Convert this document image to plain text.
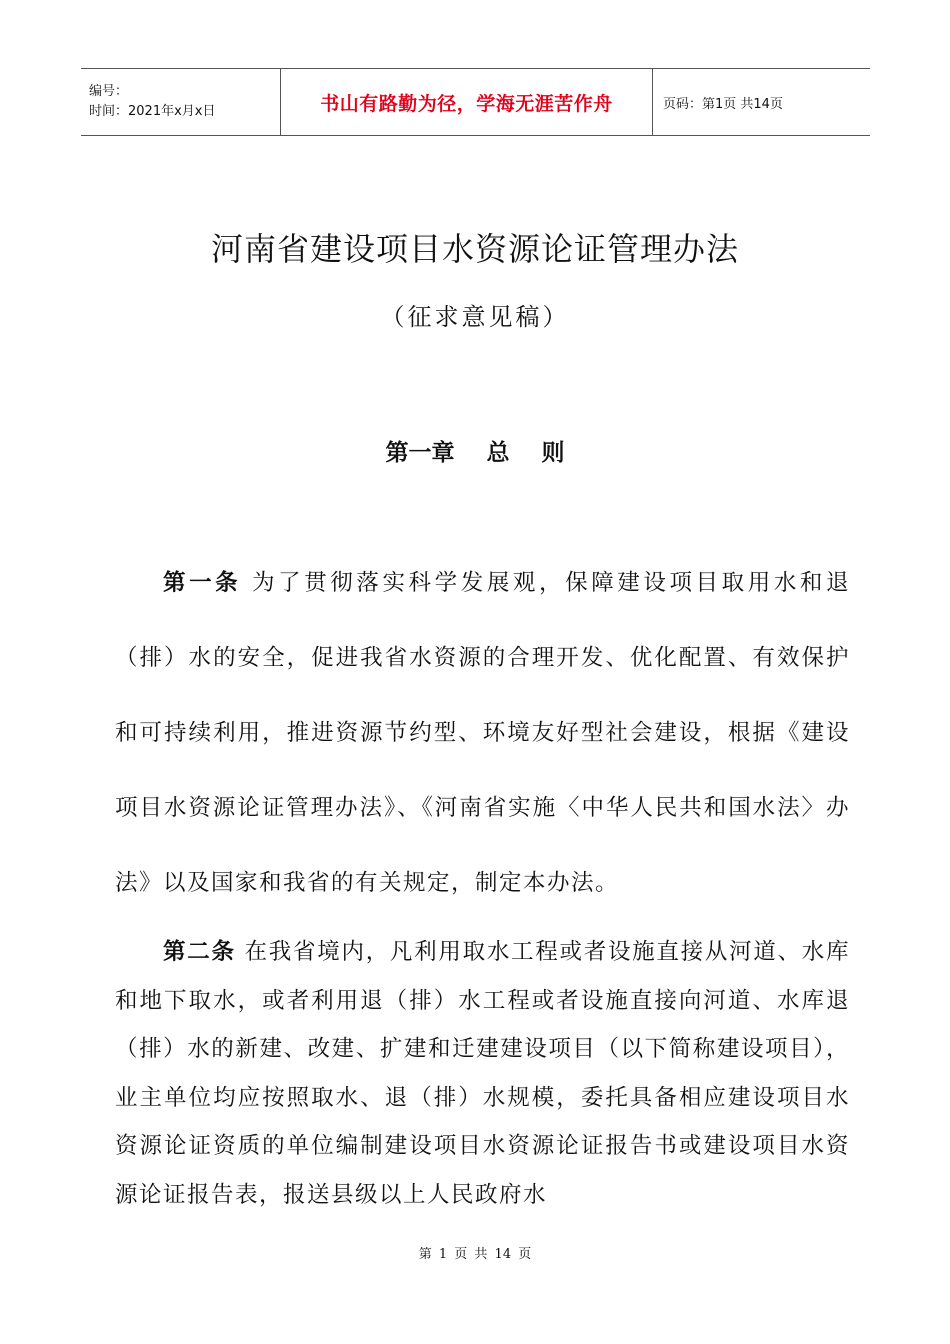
编号：
时间：2021年x月x日	书山有路勤为径，学海无涯苦作舟	页码：第1页 共14页
河南省建设项目水资源论证管理办法
（征求意见稿）
第一章    总    则
第一条 为了贯彻落实科学发展观，保障建设项目取用水和退（排）水的安全，促进我省水资源的合理开发、优化配置、有效保护和可持续利用，推进资源节约型、环境友好型社会建设，根据《建设项目水资源论证管理办法》、《河南省实施〈中华人民共和国水法〉办法》以及国家和我省的有关规定，制定本办法。
第二条 在我省境内，凡利用取水工程或者设施直接从河道、水库和地下取水，或者利用退（排）水工程或者设施直接向河道、水库退（排）水的新建、改建、扩建和迁建建设项目（以下简称建设项目），业主单位均应按照取水、退（排）水规模，委托具备相应建设项目水资源论证资质的单位编制建设项目水资源论证报告书或建设项目水资源论证报告表，报送县级以上人民政府水
第 1 页 共 14 页
